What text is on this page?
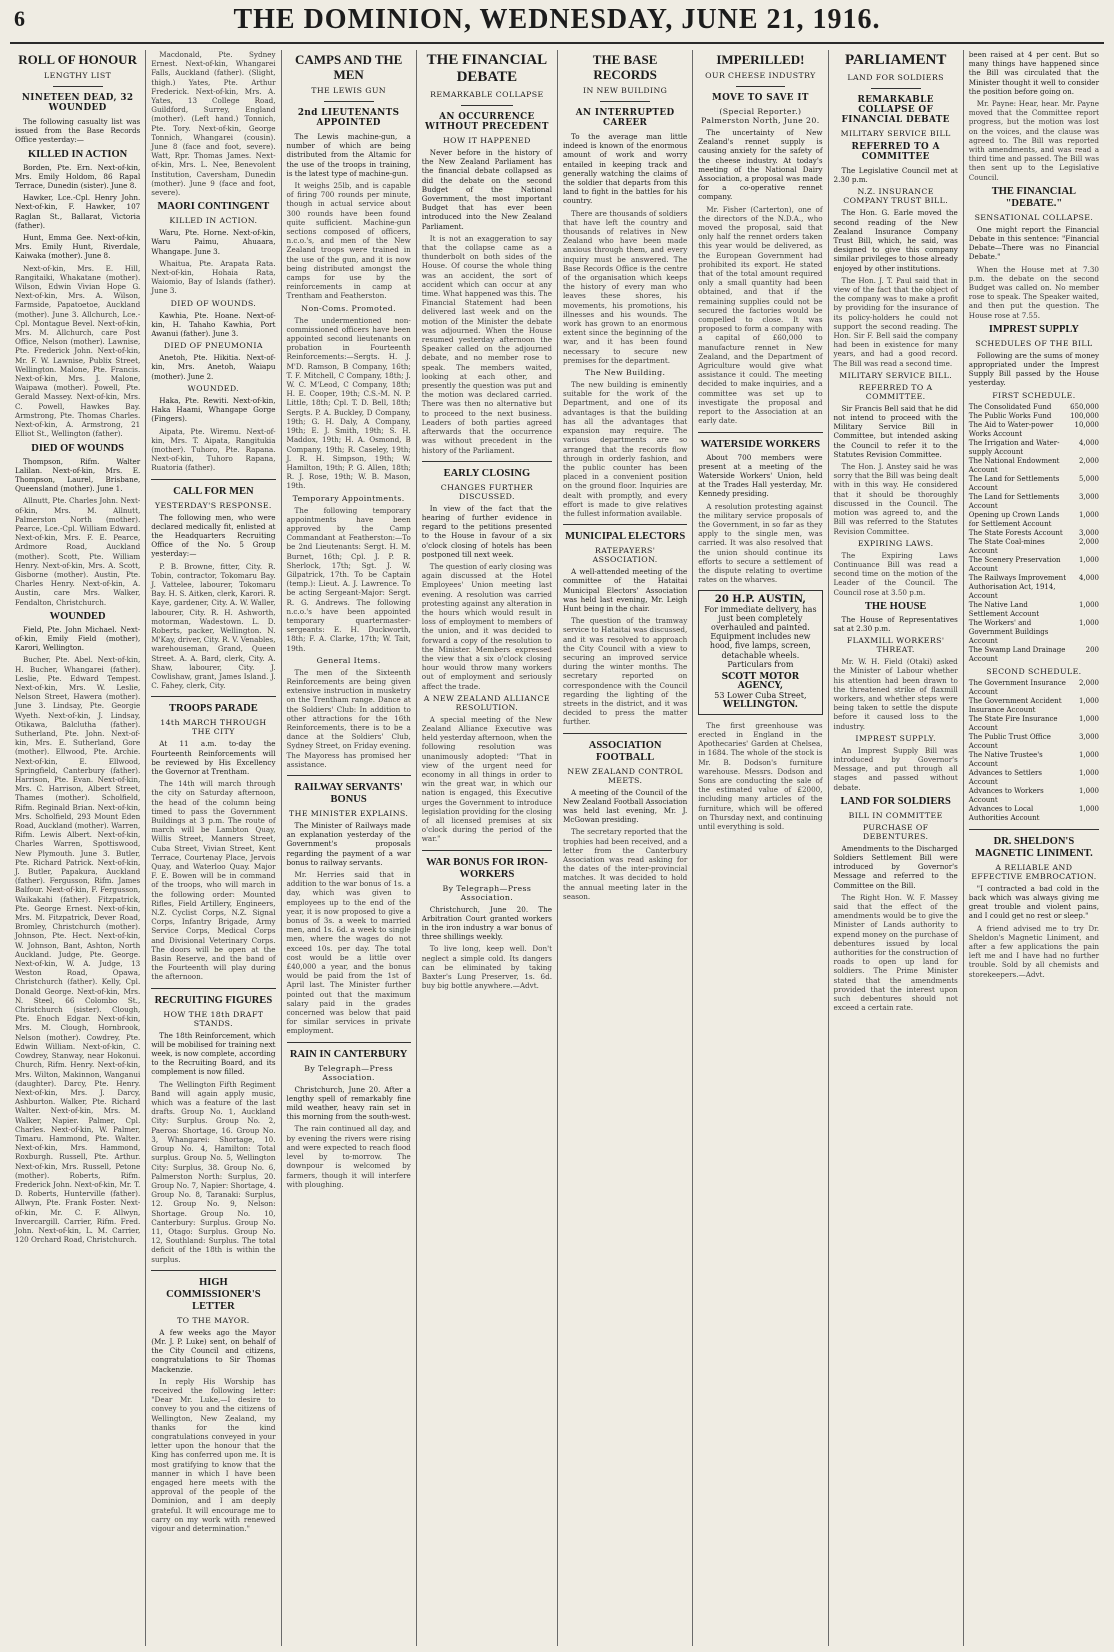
6	THE DOMINION, WEDNESDAY, JUNE 21, 1916.
ROLL OF HONOUR
LENGTHY LIST
NINETEEN DEAD, 32 WOUNDED

The following casualty list was issued from the Base Records Office yesterday:—

KILLED IN ACTION

Borden, Pte. Ern. Next-of-kin, Mrs. Emily Holdom, 86 Rapal Terrace, Dunedin (sister). June 8.

Hawker, Lce.-Cpl. Henry John. Next-of-kin, F. Hawker, 107 Raglan St., Ballarat, Victoria (father).

Hunt, Emma Gee. Next-of-kin, Mrs. Emily Hunt, Riverdale, Kaiwaka (mother). June 8.

Next-of-kin, Mrs. E. Hill, Rangitaiki, Whakatane (mother). Wilson, Edwin Vivian Hope G. Next-of-kin, Mrs. A. Wilson, Farmside, Papatoetoe, Auckland (mother). June 3. Allchurch, Lce.-Cpl. Montague Bevel. Next-of-kin, Mrs. M. Allchurch, care Post Office, Nelson (mother). Lawnise, Pte. Frederick John. Next-of-kin, Mr. F. W. Lawnise, Publix Street, Wellington. Malone, Pte. Francis. Next-of-kin, Mrs. J. Malone, Waipawa (mother). Powell, Pte. Gerald Massey. Next-of-kin, Mrs. C. Powell, Hawkes Bay. Armstrong, Pte. Thomas Charles. Next-of-kin, A. Armstrong, 21 Elliot St., Wellington (father).

DIED OF WOUNDS

Thompson, Rifm. Walter Lalilan. Next-of-kin, Mrs. E. Thompson, Laurel, Brisbane, Queensland (mother). June 1.

Allnutt, Pte. Charles John. Next-of-kin, Mrs. M. Allnutt, Palmerston North (mother). Pearce, Lce.-Cpl. William Edward. Next-of-kin, Mrs. F. E. Pearce, Ardmore Road, Auckland (mother). Scott, Pte. William Henry. Next-of-kin, Mrs. A. Scott, Gisborne (mother). Austin, Pte. Charles Henry. Next-of-kin, A. Austin, care Mrs. Walker, Fendalton, Christchurch.

WOUNDED

Field, Pte. John Michael. Next-of-kin, Emily Field (mother), Karori, Wellington.

Bucher, Pte. Abel. Next-of-kin, H. Bucher, Whangarei (father). Leslie, Pte. Edward Tempest. Next-of-kin, Mrs. W. Leslie, Nelson Street, Hawera (mother). June 3. Lindsay, Pte. Georgie Wyeth. Next-of-kin, J. Lindsay, Otikawa, Balclutha (father). Sutherland, Pte. John. Next-of-kin, Mrs. E. Sutherland, Gore (mother). Ellwood, Pte. Archie. Next-of-kin, E. Ellwood, Springfield, Canterbury (father). Harrison, Pte. Evan. Next-of-kin, Mrs. C. Harrison, Albert Street, Thames (mother). Scholfield, Rifm. Reginald Brian. Next-of-kin, Mrs. Scholfield, 293 Mount Eden Road, Auckland (mother). Warren, Rifm. Lewis Albert. Next-of-kin, Charles Warren, Spottiswood, New Plymouth. June 3. Butler, Pte. Richard Patrick. Next-of-kin, J. Butler, Papakura, Auckland (father). Fergusson, Rifm. James Balfour. Next-of-kin, F. Fergusson, Waikakahi (father). Fitzpatrick, Pte. George Ernest. Next-of-kin, Mrs. M. Fitzpatrick, Dever Road, Bromley, Christchurch (mother). Johnson, Pte. Hect. Next-of-kin, W. Johnson, Bant, Ashton, North Auckland. Judge, Pte. George. Next-of-kin, W. A. Judge, 13 Weston Road, Opawa, Christchurch (father). Kelly, Cpl. Donald George. Next-of-kin, Mrs. N. Steel, 66 Colombo St., Christchurch (sister). Clough, Pte. Enoch Edgar. Next-of-kin, Mrs. M. Clough, Hornbrook, Nelson (mother). Cowdrey, Pte. Edwin William. Next-of-kin, C. Cowdrey, Stanway, near Hokonui. Church, Rifm. Henry. Next-of-kin, Mrs. Wilton, Makinnon, Wanganui (daughter). Darcy, Pte. Henry. Next-of-kin, Mrs. J. Darcy, Ashburton. Walker, Pte. Richard Walter. Next-of-kin, Mrs. M. Walker, Napier. Palmer, Cpl. Charles. Next-of-kin, W. Palmer, Timaru. Hammond, Pte. Walter. Next-of-kin, Mrs. Hammond, Roxburgh. Russell, Pte. Arthur. Next-of-kin, Mrs. Russell, Petone (mother). Roberts, Rifm. Frederick John. Next-of-kin, Mr. T. D. Roberts, Hunterville (father). Allwyn, Pte. Frank Foster. Next-of-kin, Mr. C. F. Allwyn, Invercargill. Carrier, Rifm. Fred. John. Next-of-kin, L. M. Carrier, 120 Orchard Road, Christchurch.

Macdonald, Pte. Sydney Ernest. Next-of-kin, Whangarei Falls, Auckland (father). (Slight, thigh.) Yates, Pte. Arthur Frederick. Next-of-kin, Mrs. A. Yates, 13 College Road, Guildford, Surrey, England (mother). (Left hand.) Tonnich, Pte. Tory. Next-of-kin, George Tonnich, Whangarei (cousin). June 8 (face and foot, severe). Watt, Rpr. Thomas James. Next-of-kin, Mrs. L. Nee, Benevolent Institution, Caversham, Dunedin (mother). June 9 (face and foot, severe).

MAORI CONTINGENT
KILLED IN ACTION.

Waru, Pte. Horne. Next-of-kin, Waru Paimu, Ahuaara, Whangape. June 3.

Whaitua, Pte. Arapata Rata. Next-of-kin, Hohaia Rata, Waiomio, Bay of Islands (father). June 3.

DIED OF WOUNDS.

Kawhia, Pte. Hoane. Next-of-kin, H. Tahaho Kawhia, Port Awanui (father). June 3.

DIED OF PNEUMONIA

Anetoh, Pte. Hikitia. Next-of-kin, Mrs. Anetoh, Waiapu (mother). June 2.

WOUNDED.

Haka, Pte. Rewiti. Next-of-kin, Haka Haami, Whangape Gorge (Fingers).

Aipata, Pte. Wiremu. Next-of-kin, Mrs. T. Aipata, Rangitukia (mother). Tuhoro, Pte. Rapana. Next-of-kin, Tuhoro Rapana, Ruatoria (father).

CALL FOR MEN
YESTERDAY'S RESPONSE.

The following men, who were declared medically fit, enlisted at the Headquarters Recruiting Office of the No. 5 Group yesterday:—

P. B. Browne, fitter, City. R. Tobin, contractor, Tokomaru Bay. J. Vattelee, labourer, Tokomaru Bay. H. S. Aitken, clerk, Karori. R. Kaye, gardener, City. A. W. Waller, labourer, City. R. H. Ashworth, motorman, Wadestown. L. D. Roberts, packer, Wellington. N. M'Kay, driver, City. R. V. Venables, warehouseman, Grand, Queen Street. A. A. Bard, clerk, City. A. Shaw, labourer, City. J. Cowlishaw, grant, James Island. J. C. Fahey, clerk, City.

TROOPS PARADE
14th MARCH THROUGH THE CITY

At 11 a.m. to-day the Fourteenth Reinforcements will be reviewed by His Excellency the Governor at Trentham.

The 14th will march through the city on Saturday afternoon, the head of the column being timed to pass the Government Buildings at 3 p.m. The route of march will be Lambton Quay, Willis Street, Manners Street, Cuba Street, Vivian Street, Kent Terrace, Courtenay Place, Jervois Quay, and Waterloo Quay. Major F. E. Bowen will be in command of the troops, who will march in the following order: Mounted Rifles, Field Artillery, Engineers, N.Z. Cyclist Corps, N.Z. Signal Corps, Infantry Brigade, Army Service Corps, Medical Corps and Divisional Veterinary Corps. The doors will be open at the Basin Reserve, and the band of the Fourteenth will play during the afternoon.

RECRUITING FIGURES
HOW THE 18th DRAFT STANDS.

The 18th Reinforcement, which will be mobilised for training next week, is now complete, according to the Recruiting Board, and its complement is now filled.

The Wellington Fifth Regiment Band will again apply music, which was a feature of the last drafts. Group No. 1, Auckland City: Surplus. Group No. 2, Paeroa: Shortage, 16. Group No. 3, Whangarei: Shortage, 10. Group No. 4, Hamilton: Total surplus. Group No. 5, Wellington City: Surplus, 38. Group No. 6, Palmerston North: Surplus, 20. Group No. 7, Napier: Shortage, 4. Group No. 8, Taranaki: Surplus, 12. Group No. 9, Nelson: Shortage. Group No. 10, Canterbury: Surplus. Group No. 11, Otago: Surplus. Group No. 12, Southland: Surplus. The total deficit of the 18th is within the surplus.

HIGH COMMISSIONER'S LETTER
TO THE MAYOR.

A few weeks ago the Mayor (Mr. J. P. Luke) sent, on behalf of the City Council and citizens, congratulations to Sir Thomas Mackenzie.

In reply His Worship has received the following letter: "Dear Mr. Luke,—I desire to convey to you and the citizens of Wellington, New Zealand, my thanks for the kind congratulations conveyed in your letter upon the honour that the King has conferred upon me. It is most gratifying to know that the manner in which I have been engaged here meets with the approval of the people of the Dominion, and I am deeply grateful. It will encourage me to carry on my work with renewed vigour and determination."

CAMPS AND THE MEN
THE LEWIS GUN
2nd LIEUTENANTS APPOINTED

The Lewis machine-gun, a number of which are being distributed from the Altamic for the use of the troops in training, is the latest type of machine-gun.

It weighs 25lb, and is capable of firing 700 rounds per minute, though in actual service about 300 rounds have been found quite sufficient. Machine-gun sections composed of officers, n.c.o.'s, and men of the New Zealand troops were trained in the use of the gun, and it is now being distributed amongst the camps for use by the reinforcements in camp at Trentham and Featherston.

Non-Coms. Promoted.

The undermentioned non-commissioned officers have been appointed second lieutenants on probation in Fourteenth Reinforcements:—Sergts. H. J. M'D. Ramson, B Company, 16th; T. F. Mitchell, C Company, 18th; J. W. C. M'Leod, C Company, 18th; H. E. Cooper, 19th; C.S.-M. N. P. Little, 18th; Cpl. T. D. Bell, 18th; Sergts. P. A. Buckley, D Company, 19th; G. H. Daly, A Company, 19th; E. J. Smith, 19th; S. H. Maddox, 19th; H. A. Osmond, B Company, 19th; R. Caseley, 19th; J. R. H. Simpson, 19th; W. Hamilton, 19th; P. G. Allen, 18th; R. J. Rose, 19th; W. B. Mason, 19th.

Temporary Appointments.

The following temporary appointments have been approved by the Camp Commandant at Featherston:—To be 2nd Lieutenants: Sergt. H. M. Burnet, 16th; Cpl. J. P. R. Sherlock, 17th; Sgt. J. W. Gilpatrick, 17th. To be Captain (temp.): Lieut. A. J. Lawrence. To be acting Sergeant-Major: Sergt. R. G. Andrews. The following n.c.o.'s have been appointed temporary quartermaster-sergeants: E. H. Duckworth, 18th; F. A. Clarke, 17th; W. Tait, 19th.

General Items.

The men of the Sixteenth Reinforcements are being given extensive instruction in musketry on the Trentham range. Dance at the Soldiers' Club: In addition to other attractions for the 16th Reinforcements, there is to be a dance at the Soldiers' Club, Sydney Street, on Friday evening. The Mayoress has promised her assistance.

RAILWAY SERVANTS' BONUS
THE MINISTER EXPLAINS.

The Minister of Railways made an explanation yesterday of the Government's proposals regarding the payment of a war bonus to railway servants.

Mr. Herries said that in addition to the war bonus of 1s. a day, which was given to employees up to the end of the year, it is now proposed to give a bonus of 3s. a week to married men, and 1s. 6d. a week to single men, where the wages do not exceed 10s. per day. The total cost would be a little over £40,000 a year, and the bonus would be paid from the 1st of April last. The Minister further pointed out that the maximum salary paid in the grades concerned was below that paid for similar services in private employment.

RAIN IN CANTERBURY
By Telegraph—Press Association.

Christchurch, June 20. After a lengthy spell of remarkably fine mild weather, heavy rain set in this morning from the south-west.

The rain continued all day, and by evening the rivers were rising and were expected to reach flood level by to-morrow. The downpour is welcomed by farmers, though it will interfere with ploughing.

THE FINANCIAL DEBATE
REMARKABLE COLLAPSE
AN OCCURRENCE WITHOUT PRECEDENT
HOW IT HAPPENED

Never before in the history of the New Zealand Parliament has the financial debate collapsed as did the debate on the second Budget of the National Government, the most important Budget that has ever been introduced into the New Zealand Parliament.

It is not an exaggeration to say that the collapse came as a thunderbolt on both sides of the House. Of course the whole thing was an accident, the sort of accident which can occur at any time. What happened was this. The Financial Statement had been delivered last week and on the motion of the Minister the debate was adjourned. When the House resumed yesterday afternoon the Speaker called on the adjourned debate, and no member rose to speak. The members waited, looking at each other, and presently the question was put and the motion was declared carried. There was then no alternative but to proceed to the next business. Leaders of both parties agreed afterwards that the occurrence was without precedent in the history of the Parliament.

EARLY CLOSING
CHANGES FURTHER DISCUSSED.

In view of the fact that the hearing of further evidence in regard to the petitions presented to the House in favour of a six o'clock closing of hotels has been postponed till next week.

The question of early closing was again discussed at the Hotel Employees' Union meeting last evening. A resolution was carried protesting against any alteration in the hours which would result in loss of employment to members of the union, and it was decided to forward a copy of the resolution to the Minister. Members expressed the view that a six o'clock closing hour would throw many workers out of employment and seriously affect the trade.

A NEW ZEALAND ALLIANCE RESOLUTION.

A special meeting of the New Zealand Alliance Executive was held yesterday afternoon, when the following resolution was unanimously adopted: "That in view of the urgent need for economy in all things in order to win the great war, in which our nation is engaged, this Executive urges the Government to introduce legislation providing for the closing of all licensed premises at six o'clock during the period of the war."

WAR BONUS FOR IRON-WORKERS
By Telegraph—Press Association.

Christchurch, June 20. The Arbitration Court granted workers in the iron industry a war bonus of three shillings weekly.

To live long, keep well. Don't neglect a simple cold. Its dangers can be eliminated by taking Baxter's Lung Preserver, 1s. 6d. buy big bottle anywhere.—Advt.

THE BASE RECORDS
IN NEW BUILDING
AN INTERRUPTED CAREER

To the average man little indeed is known of the enormous amount of work and worry entailed in keeping track and generally watching the claims of the soldier that departs from this land to fight in the battles for his country.

There are thousands of soldiers that have left the country and thousands of relatives in New Zealand who have been made anxious through them, and every inquiry must be answered. The Base Records Office is the centre of the organisation which keeps the history of every man who leaves these shores, his movements, his promotions, his illnesses and his wounds. The work has grown to an enormous extent since the beginning of the war, and it has been found necessary to secure new premises for the department.

The New Building.

The new building is eminently suitable for the work of the Department, and one of its advantages is that the building has all the advantages that expansion may require. The various departments are so arranged that the records flow through in orderly fashion, and the public counter has been placed in a convenient position on the ground floor. Inquiries are dealt with promptly, and every effort is made to give relatives the fullest information available.

MUNICIPAL ELECTORS
RATEPAYERS' ASSOCIATION.

A well-attended meeting of the committee of the Hataitai Municipal Electors' Association was held last evening, Mr. Leigh Hunt being in the chair.

The question of the tramway service to Hataitai was discussed, and it was resolved to approach the City Council with a view to securing an improved service during the winter months. The secretary reported on correspondence with the Council regarding the lighting of the streets in the district, and it was decided to press the matter further.

ASSOCIATION FOOTBALL
NEW ZEALAND CONTROL MEETS.

A meeting of the Council of the New Zealand Football Association was held last evening, Mr. J. McGowan presiding.

The secretary reported that the trophies had been received, and a letter from the Canterbury Association was read asking for the dates of the inter-provincial matches. It was decided to hold the annual meeting later in the season.

IMPERILLED!
OUR CHEESE INDUSTRY
MOVE TO SAVE IT
(Special Reporter.) Palmerston North, June 20.

The uncertainty of New Zealand's rennet supply is causing anxiety for the safety of the cheese industry. At today's meeting of the National Dairy Association, a proposal was made for a co-operative rennet company.

Mr. Fisher (Carterton), one of the directors of the N.D.A., who moved the proposal, said that only half the rennet orders taken this year would be delivered, as the European Government had prohibited its export. He stated that of the total amount required only a small quantity had been obtained, and that if the remaining supplies could not be secured the factories would be compelled to close. It was proposed to form a company with a capital of £60,000 to manufacture rennet in New Zealand, and the Department of Agriculture would give what assistance it could. The meeting decided to make inquiries, and a committee was set up to investigate the proposal and report to the Association at an early date.

WATERSIDE WORKERS

About 700 members were present at a meeting of the Waterside Workers' Union, held at the Trades Hall yesterday, Mr. Kennedy presiding.

A resolution protesting against the military service proposals of the Government, in so far as they apply to the single men, was carried. It was also resolved that the union should continue its efforts to secure a settlement of the dispute relating to overtime rates on the wharves.

20 H.P. AUSTIN,
For immediate delivery, has just been completely overhauled and painted.
Equipment includes new hood, five lamps, screen, detachable wheels. Particulars from
SCOTT MOTOR AGENCY,
53 Lower Cuba Street,
WELLINGTON.

The first greenhouse was erected in England in the Apothecaries' Garden at Chelsea, in 1684. The whole of the stock is Mr. B. Dodson's furniture warehouse. Messrs. Dodson and Sons are conducting the sale of the estimated value of £2000, including many articles of the furniture, which will be offered on Thursday next, and continuing until everything is sold.

PARLIAMENT
LAND FOR SOLDIERS
REMARKABLE COLLAPSE OF FINANCIAL DEBATE
MILITARY SERVICE BILL
REFERRED TO A COMMITTEE

The Legislative Council met at 2.30 p.m.

N.Z. INSURANCE COMPANY TRUST BILL.

The Hon. G. Earle moved the second reading of the New Zealand Insurance Company Trust Bill, which, he said, was designed to give this company similar privileges to those already enjoyed by other institutions.

The Hon. J. T. Paul said that in view of the fact that the object of the company was to make a profit by providing for the insurance of its policy-holders he could not support the second reading. The Hon. Sir F. Bell said the company had been in existence for many years, and had a good record. The Bill was read a second time.

MILITARY SERVICE BILL.
REFERRED TO A COMMITTEE.

Sir Francis Bell said that he did not intend to proceed with the Military Service Bill in Committee, but intended asking the Council to refer it to the Statutes Revision Committee.

The Hon. J. Anstey said he was sorry that the Bill was being dealt with in this way. He considered that it should be thoroughly discussed in the Council. The motion was agreed to, and the Bill was referred to the Statutes Revision Committee.

EXPIRING LAWS.

The Expiring Laws Continuance Bill was read a second time on the motion of the Leader of the Council. The Council rose at 3.50 p.m.

THE HOUSE

The House of Representatives sat at 2.30 p.m.

FLAXMILL WORKERS' THREAT.

Mr. W. H. Field (Otaki) asked the Minister of Labour whether his attention had been drawn to the threatened strike of flaxmill workers, and whether steps were being taken to settle the dispute before it caused loss to the industry.

IMPREST SUPPLY.

An Imprest Supply Bill was introduced by Governor's Message, and put through all stages and passed without debate.

LAND FOR SOLDIERS
BILL IN COMMITTEE
PURCHASE OF DEBENTURES.

Amendments to the Discharged Soldiers Settlement Bill were introduced by Governor's Message and referred to the Committee on the Bill.

The Right Hon. W. F. Massey said that the effect of the amendments would be to give the Minister of Lands authority to expend money on the purchase of debentures issued by local authorities for the construction of roads to open up land for soldiers. The Prime Minister stated that the amendments provided that the interest upon such debentures should not exceed a certain rate.

been raised at 4 per cent. But so many things have happened since the Bill was circulated that the Minister thought it well to consider the position before going on.

Mr. Payne: Hear, hear. Mr. Payne moved that the Committee report progress, but the motion was lost on the voices, and the clause was agreed to. The Bill was reported with amendments, and was read a third time and passed. The Bill was then sent up to the Legislative Council.

THE FINANCIAL "DEBATE."
SENSATIONAL COLLAPSE.

One might report the Financial Debate in this sentence: "Financial Debate—There was no Financial Debate."

When the House met at 7.30 p.m. the debate on the second Budget was called on. No member rose to speak. The Speaker waited, and then put the question. The House rose at 7.55.

IMPREST SUPPLY
SCHEDULES OF THE BILL

Following are the sums of money appropriated under the Imprest Supply Bill passed by the House yesterday.

FIRST SCHEDULE.
The Consolidated Fund	650,000
The Public Works Fund	100,000
The Aid to Water-power Works Account	10,000
The Irrigation and Water-supply Account	4,000
The National Endowment Account	2,000
The Land for Settlements Account	5,000
The Land for Settlements Account	3,000
Opening up Crown Lands for Settlement Account	1,000
The State Forests Account	3,000
The State Coal-mines Account	2,000
The Scenery Preservation Account	1,000
The Railways Improvement Authorisation Act, 1914, Account	4,000
The Native Land Settlement Account	1,000
The Workers' and Government Buildings Account	1,000
The Swamp Land Drainage Account	200
SECOND SCHEDULE.
The Government Insurance Account	2,000
The Government Accident Insurance Account	1,000
The State Fire Insurance Account	1,000
The Public Trust Office Account	3,000
The Native Trustee's Account	1,000
Advances to Settlers Account	1,000
Advances to Workers Account	1,000
Advances to Local Authorities Account	1,000
DR. SHELDON'S MAGNETIC LINIMENT.
A RELIABLE AND EFFECTIVE EMBROCATION.

"I contracted a bad cold in the back which was always giving me great trouble and violent pains, and I could get no rest or sleep."

A friend advised me to try Dr. Sheldon's Magnetic Liniment, and after a few applications the pain left me and I have had no further trouble. Sold by all chemists and storekeepers.—Advt.
